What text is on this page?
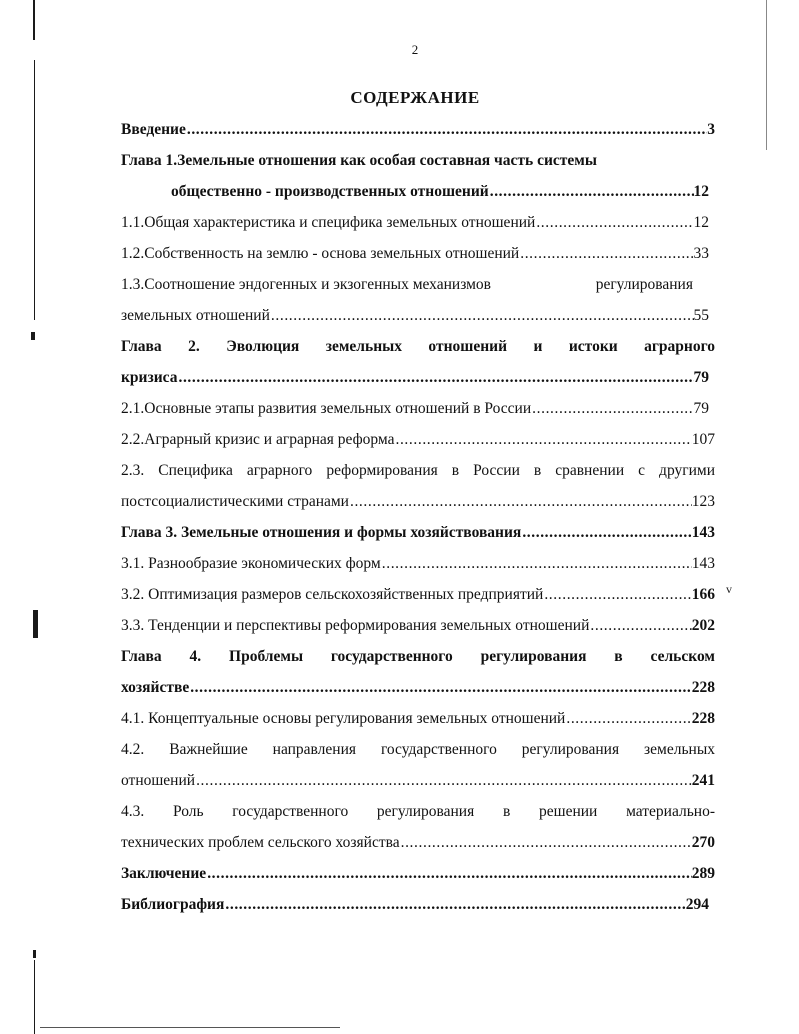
2
СОДЕРЖАНИЕ
Введение .....	3
Глава 1.Земельные отношения как особая составная часть системы
общественно - производственных отношений .....	12
1.1.Общая характеристика и специфика земельных отношений .....	12
1.2.Собственность на землю - основа земельных отношений .....	33
1.3.Соотношение эндогенных и экзогенных механизмов	регулирования
земельных отношений .....	55
Глава 2. Эволюция земельных отношений и истоки аграрного
кризиса .....	79
2.1.Основные этапы развития земельных отношений в России .....	79
2.2.Аграрный кризис и аграрная реформа .....	107
2.3. Специфика аграрного реформирования в России в сравнении с другими
постсоциалистическими странами .....	123
Глава 3. Земельные отношения и формы хозяйствования .....	143
3.1. Разнообразие экономических форм .....	143
3.2. Оптимизация размеров сельскохозяйственных предприятий .....	166
3.3. Тенденции и перспективы реформирования земельных отношений .....	202
Глава 4. Проблемы государственного регулирования в сельском
хозяйстве .....	228
4.1. Концептуальные основы регулирования земельных отношений .....	228
4.2. Важнейшие направления государственного регулирования земельных
отношений .....	241
4.3. Роль государственного регулирования в решении материально-
технических проблем сельского хозяйства .....	270
Заключение .....	289
Библиография .....	294
v
